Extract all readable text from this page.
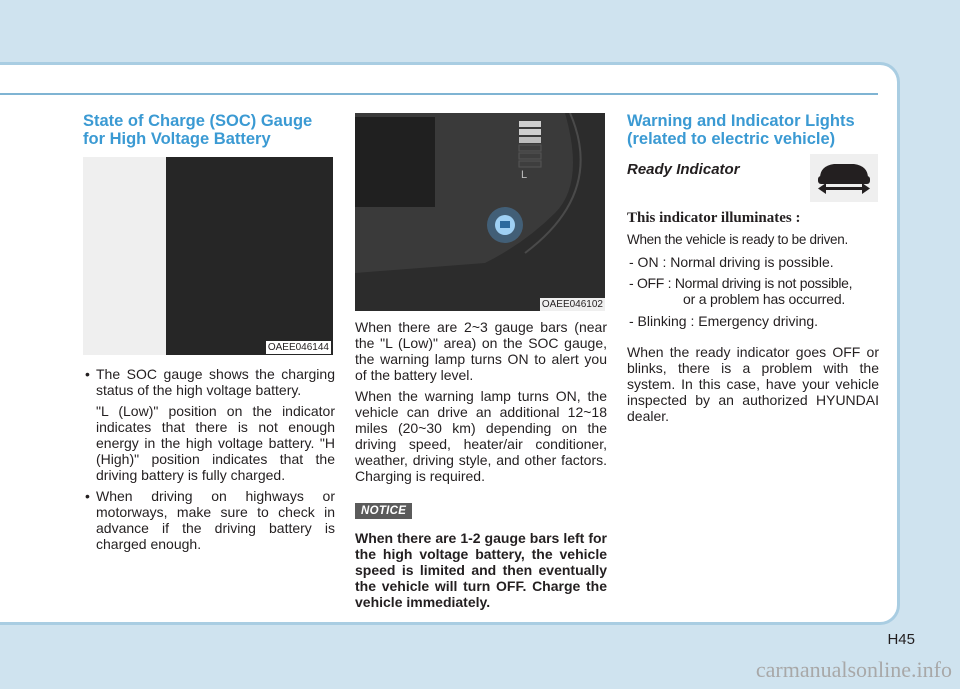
State of Charge (SOC) Gauge
for High Voltage Battery
OAEE046144
• The SOC gauge shows the charging status of the high voltage battery.

"L (Low)" position on the indicator indicates that there is not enough energy in the high voltage battery. "H (High)" position indicates that the driving battery is fully charged.

• When driving on highways or motorways, make sure to check in advance if the driving battery is charged enough.
L
OAEE046102

When there are 2~3 gauge bars (near the "L (Low)" area) on the SOC gauge, the warning lamp turns ON to alert you of the battery level.

When the warning lamp turns ON, the vehicle can drive an additional 12~18 miles (20~30 km) depending on the driving speed, heater/air conditioner, weather, driving style, and other factors. Charging is required.

NOTICE

When there are 1-2 gauge bars left for the high voltage battery, the vehicle speed is limited and then eventually the vehicle will turn OFF. Charge the vehicle immediately.

Warning and Indicator Lights
(related to electric vehicle)
Ready Indicator
This indicator illuminates :
When the vehicle is ready to be driven.
- ON : Normal driving is possible.
- OFF : Normal driving is not possible,
or a problem has occurred.
- Blinking : Emergency driving.

When the ready indicator goes OFF or blinks, there is a problem with the system. In this case, have your vehicle inspected by an authorized HYUNDAI dealer.

H45
carmanualsonline.info
